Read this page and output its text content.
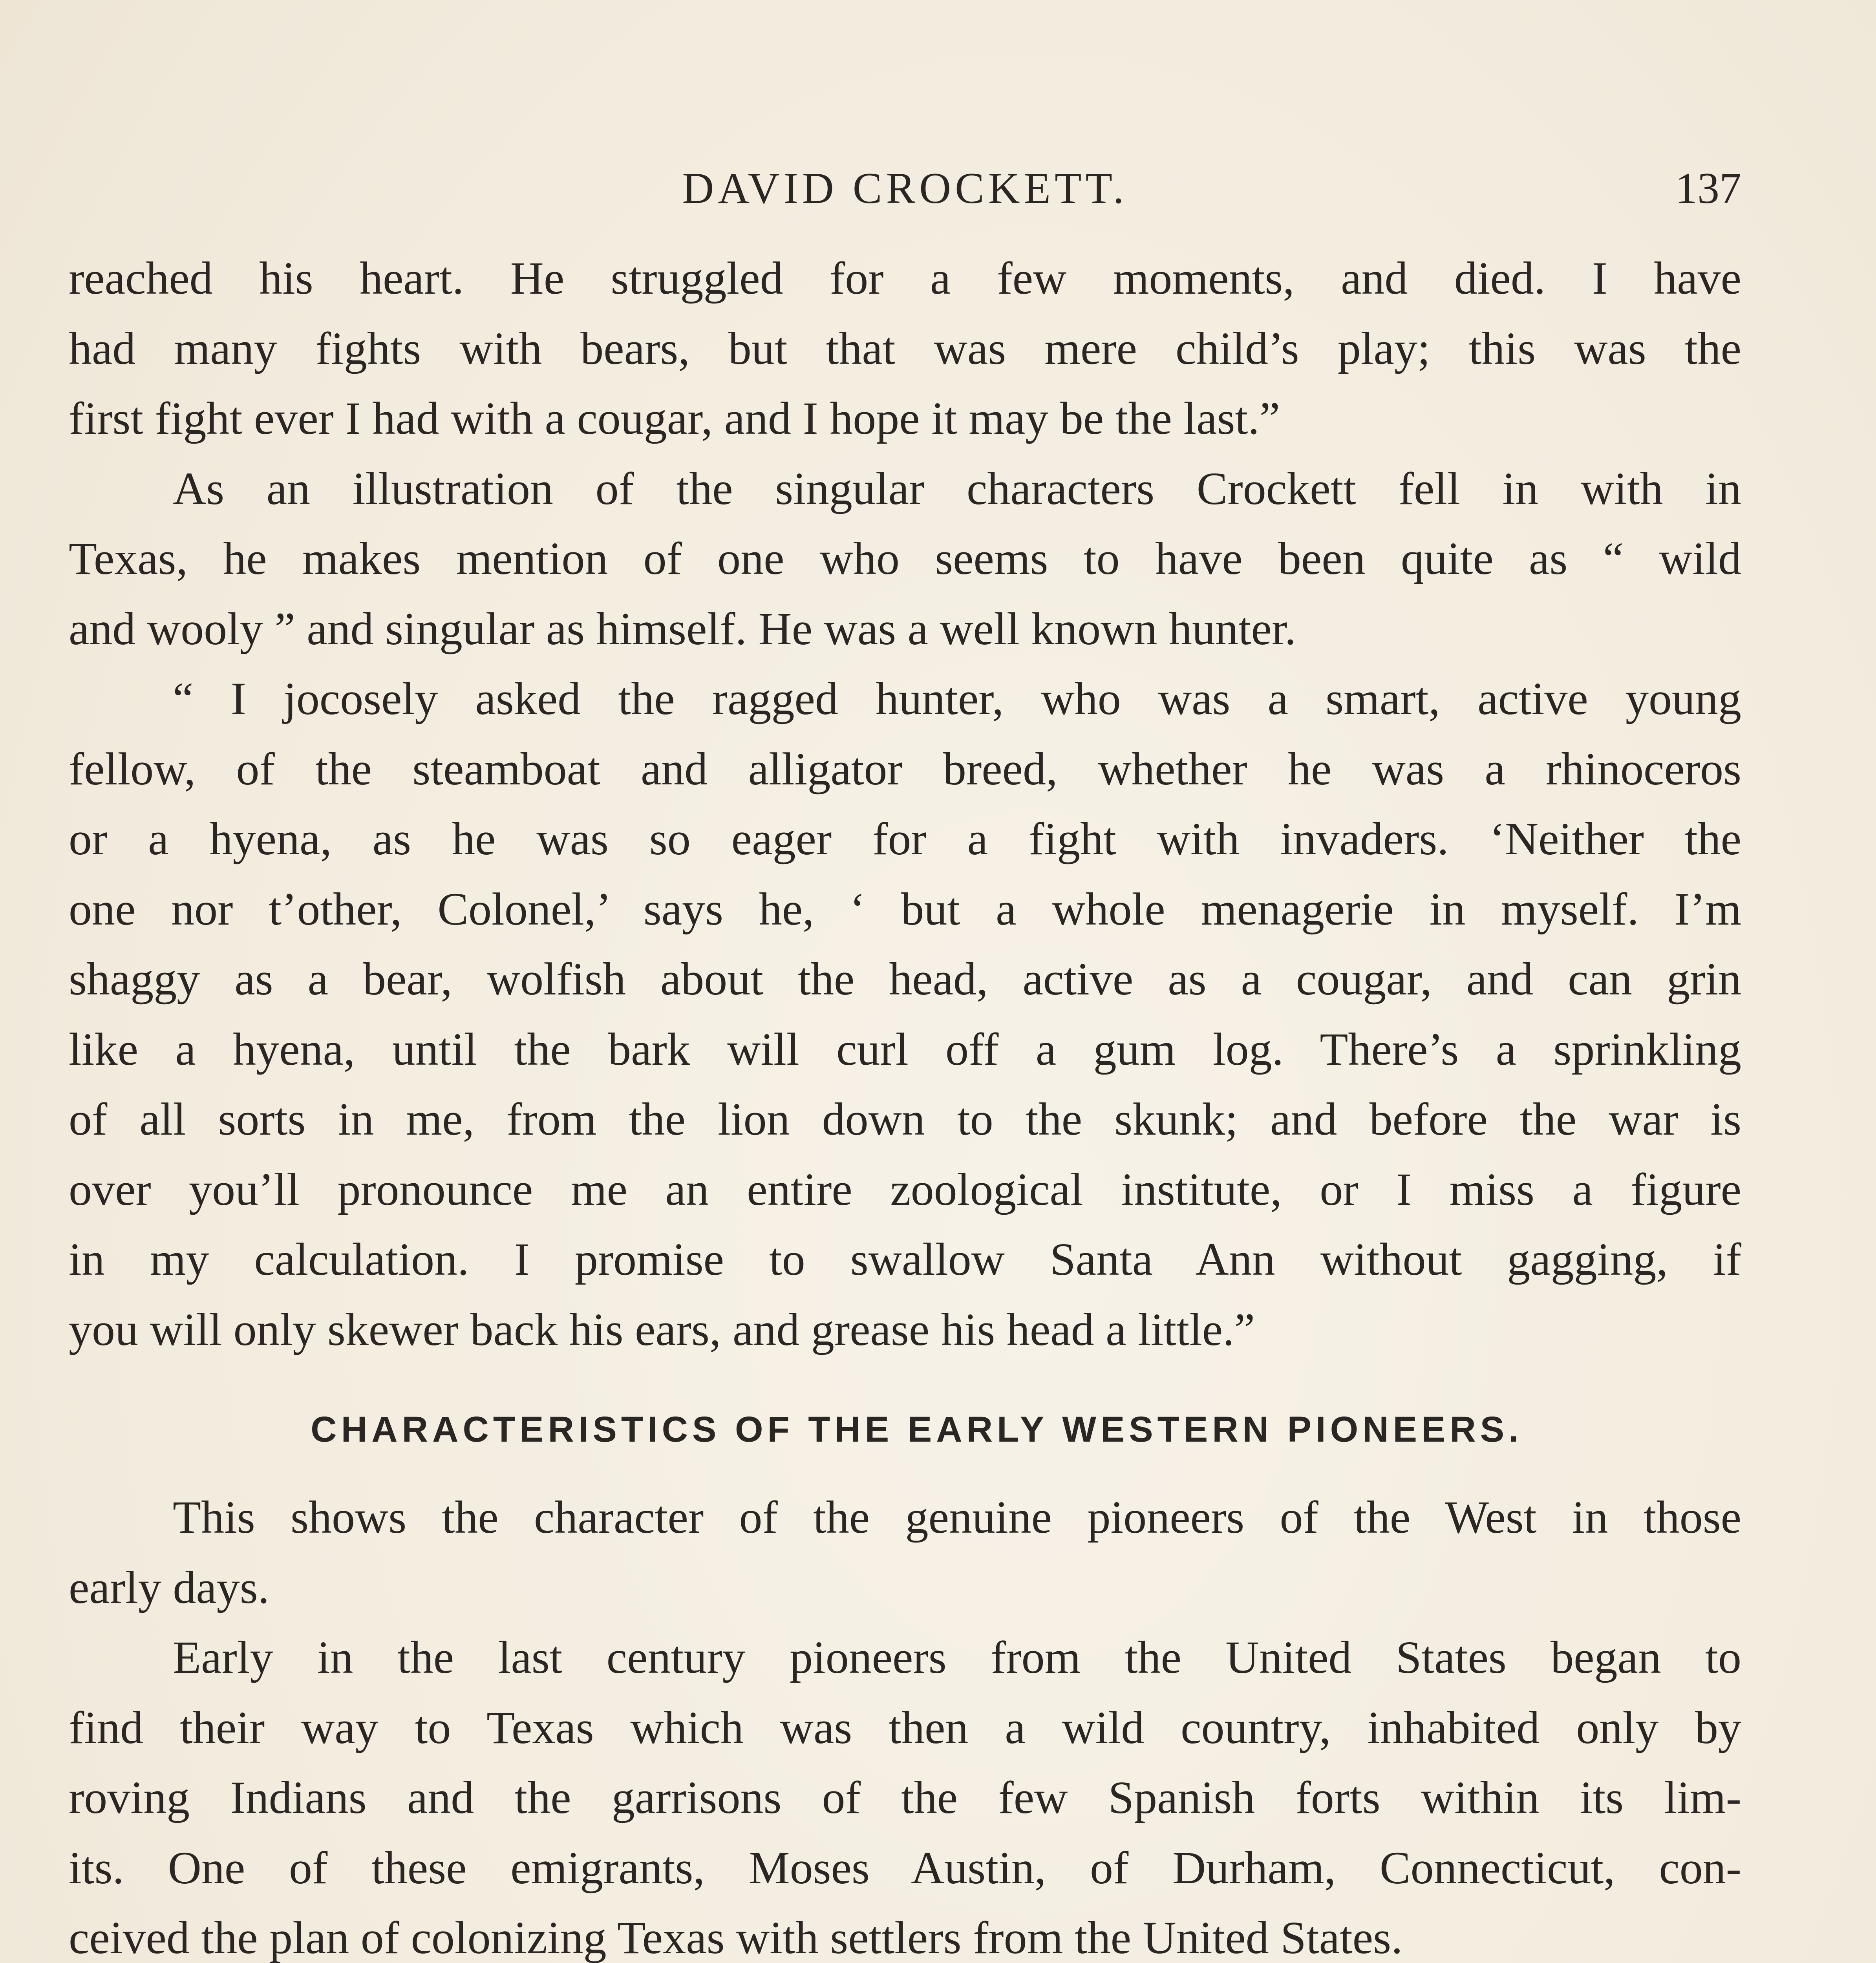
DAVID CROCKETT.	137
reached his heart. He struggled for a few moments, and died. I have
had many fights with bears, but that was mere child’s play; this was the
first fight ever I had with a cougar, and I hope it may be the last.”
As an illustration of the singular characters Crockett fell in with in
Texas, he makes mention of one who seems to have been quite as “ wild
and wooly ” and singular as himself. He was a well known hunter.
“ I jocosely asked the ragged hunter, who was a smart, active young
fellow, of the steamboat and alligator breed, whether he was a rhinoceros
or a hyena, as he was so eager for a fight with invaders. ‘Neither the
one nor t’other, Colonel,’ says he, ‘ but a whole menagerie in myself. I’m
shaggy as a bear, wolfish about the head, active as a cougar, and can grin
like a hyena, until the bark will curl off a gum log. There’s a sprinkling
of all sorts in me, from the lion down to the skunk; and before the war is
over you’ll pronounce me an entire zoological institute, or I miss a figure
in my calculation. I promise to swallow Santa Ann without gagging, if
you will only skewer back his ears, and grease his head a little.”
CHARACTERISTICS OF THE EARLY WESTERN PIONEERS.
This shows the character of the genuine pioneers of the West in those
early days.
Early in the last century pioneers from the United States began to
find their way to Texas which was then a wild country, inhabited only by
roving Indians and the garrisons of the few Spanish forts within its lim-
its. One of these emigrants, Moses Austin, of Durham, Connecticut, con-
ceived the plan of colonizing Texas with settlers from the United States.
